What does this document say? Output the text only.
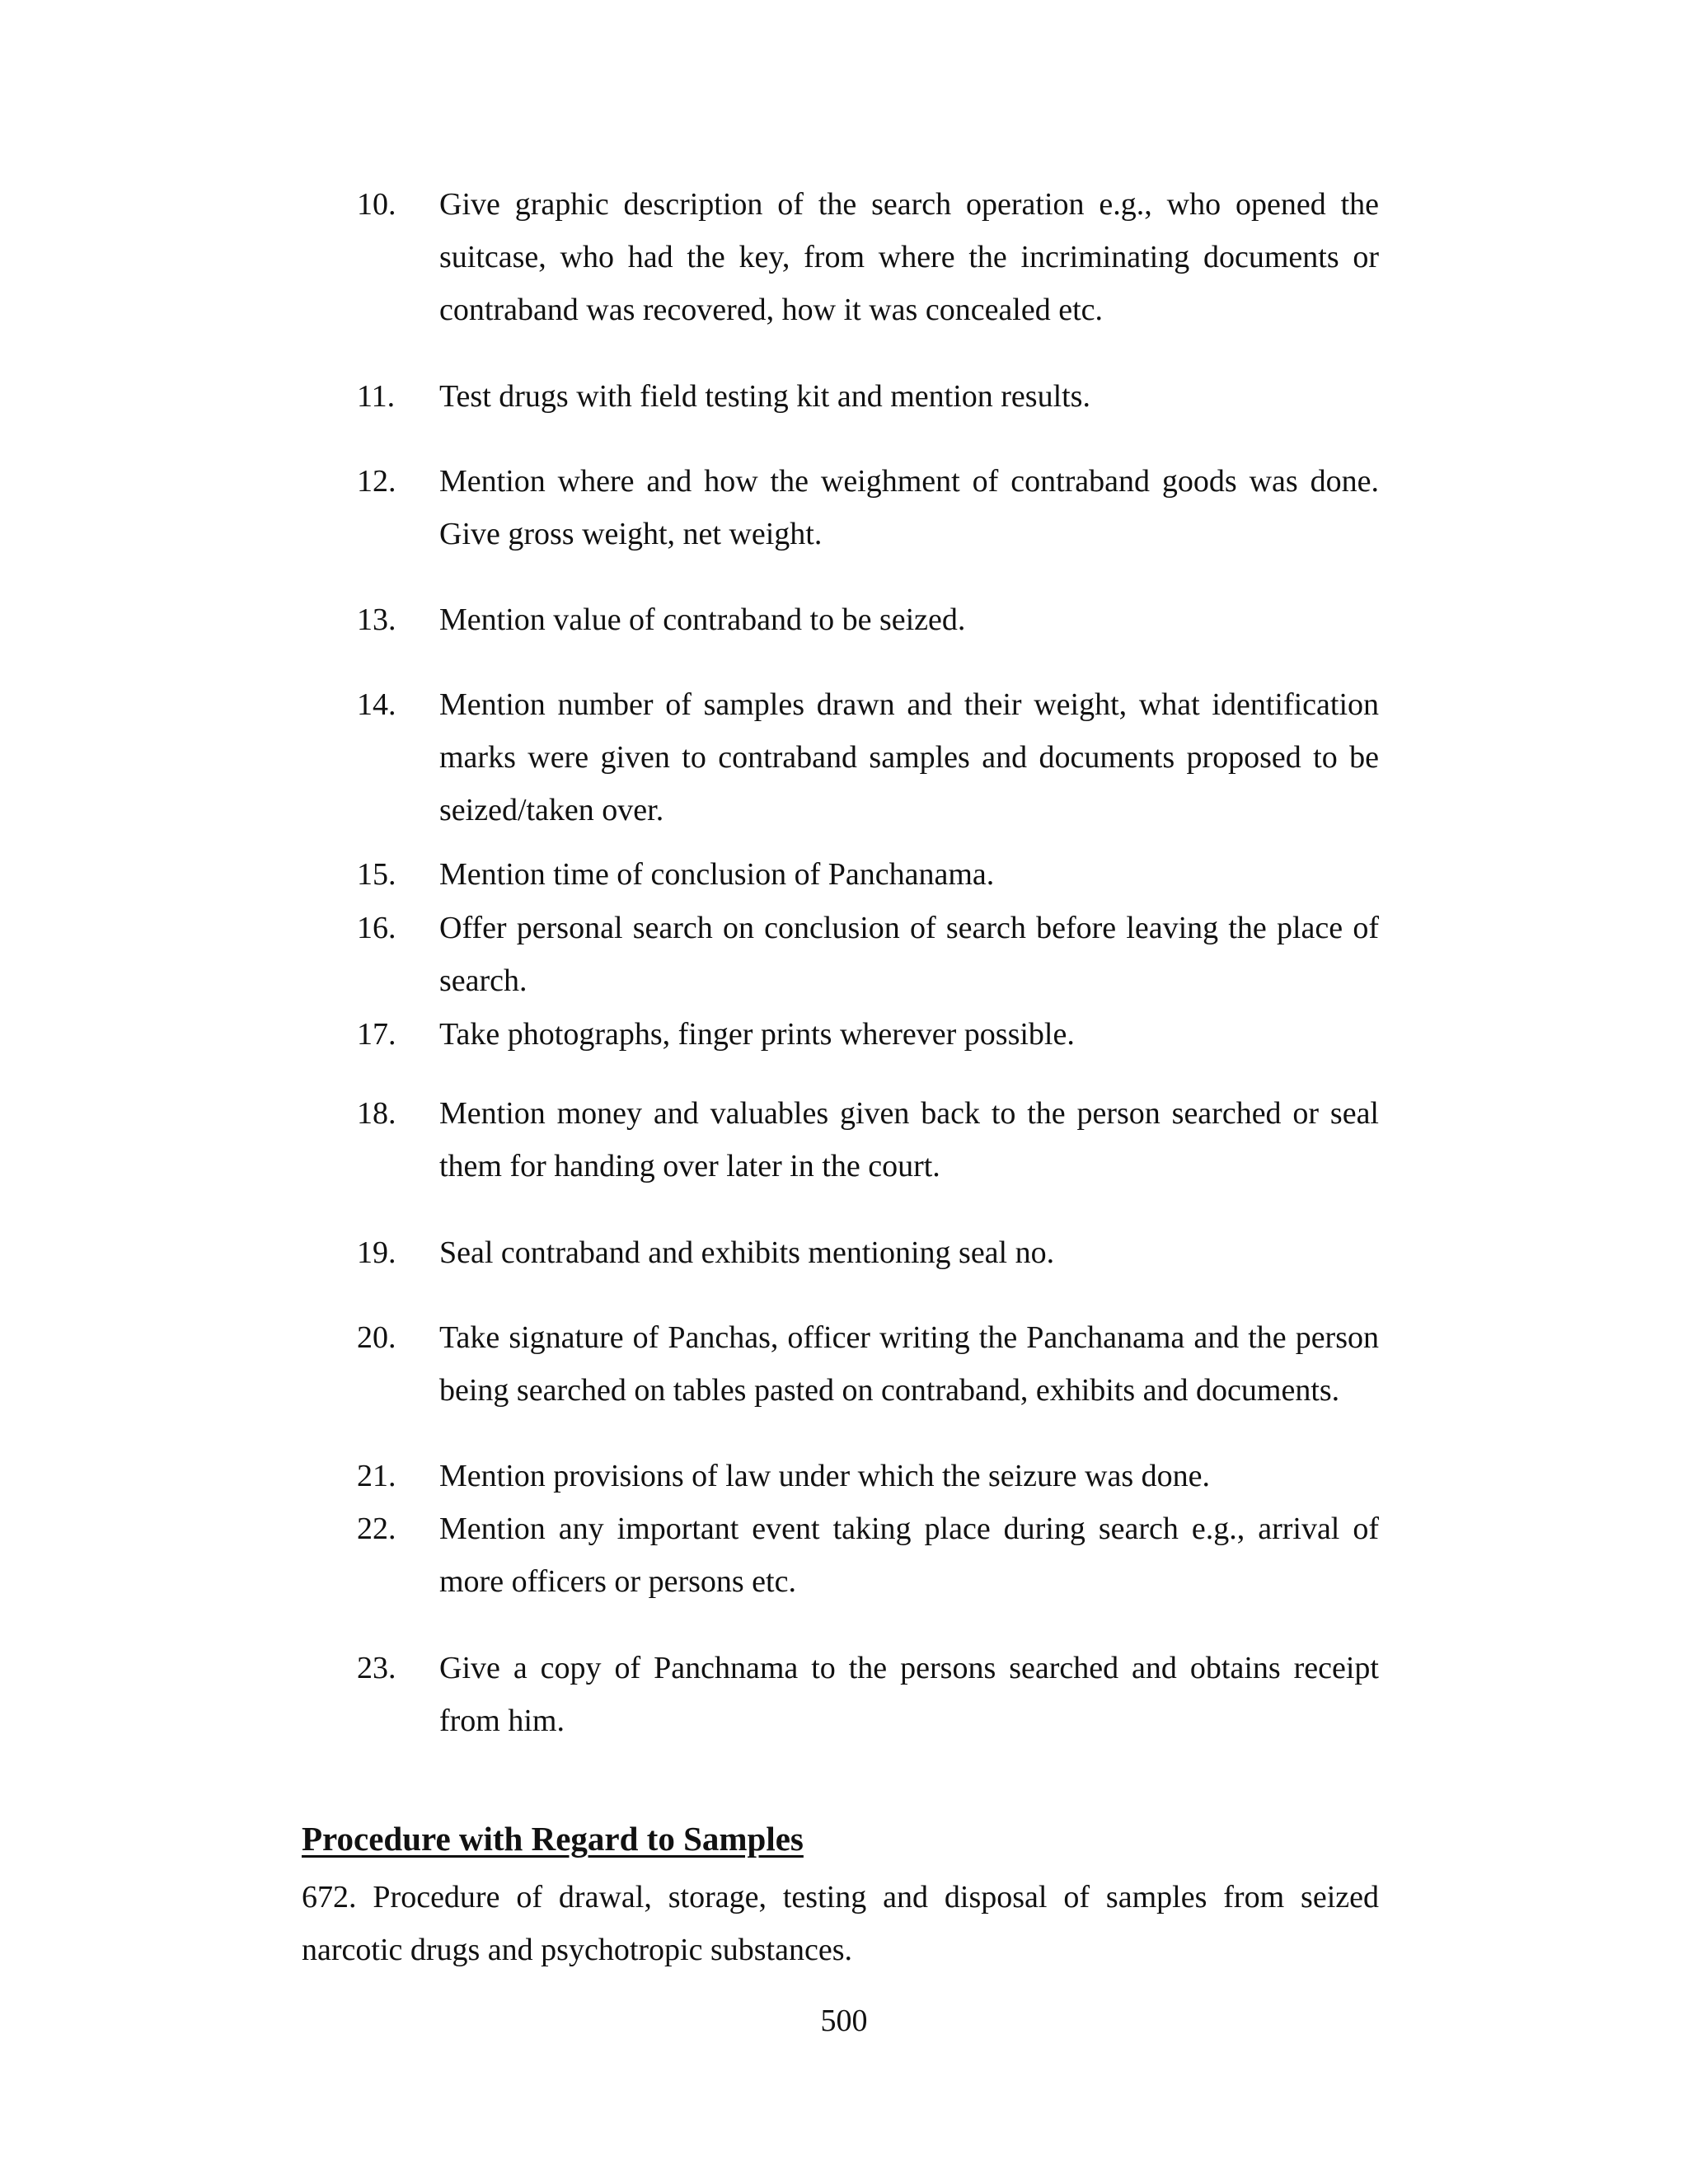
10.	Give graphic description of the search operation e.g., who opened the suitcase, who had the key, from where the incriminating documents or contraband was recovered, how it was concealed etc.
11.	Test drugs with field testing kit and mention results.
12.	Mention where and how the weighment of contraband goods was done. Give gross weight, net weight.
13.	Mention value of contraband to be seized.
14.	Mention number of samples drawn and their weight, what identification marks were given to contraband samples and documents proposed to be seized/taken over.
15.	Mention time of conclusion of Panchanama.
16.	Offer personal search on conclusion of search before leaving the place of search.
17.	Take photographs, finger prints wherever possible.
18.	Mention money and valuables given back to the person searched or seal them for handing over later in the court.
19.	Seal contraband and exhibits mentioning seal no.
20.	Take signature of Panchas, officer writing the Panchanama and the person being searched on tables pasted on contraband, exhibits and documents.
21.	Mention provisions of law under which the seizure was done.
22.	Mention any important event taking place during search e.g., arrival of more officers or persons etc.
23.	Give a copy of Panchnama to the persons searched and obtains receipt from him.
Procedure with Regard to Samples
672. Procedure of drawal, storage, testing and disposal of samples from seized narcotic drugs and psychotropic substances.
500
